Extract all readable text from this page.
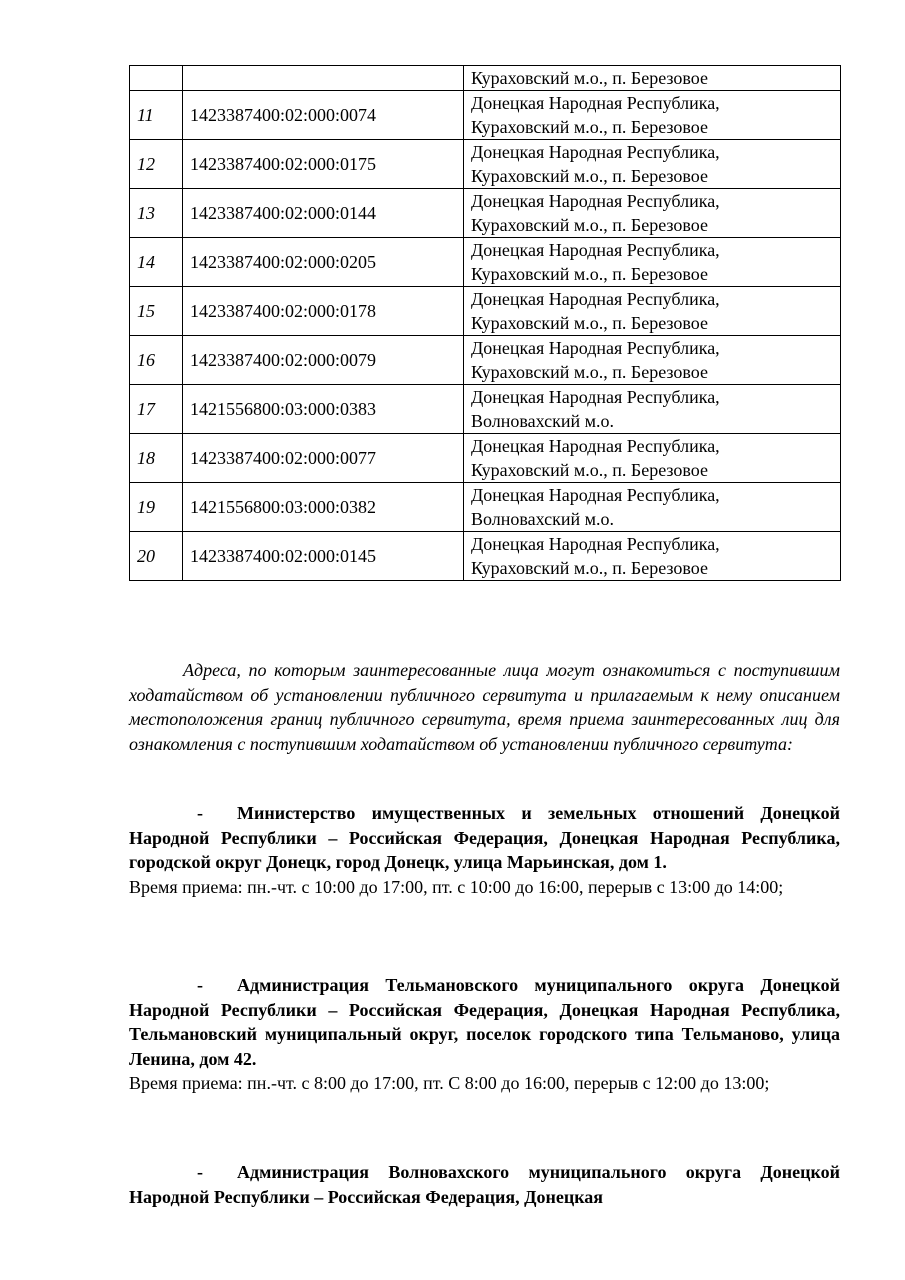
		Кураховский м.о., п. Березовое
11	1423387400:02:000:0074	Донецкая Народная Республика,
Кураховский м.о., п. Березовое

12	1423387400:02:000:0175	Донецкая Народная Республика,
Кураховский м.о., п. Березовое

13	1423387400:02:000:0144	Донецкая Народная Республика,
Кураховский м.о., п. Березовое

14	1423387400:02:000:0205	Донецкая Народная Республика,
Кураховский м.о., п. Березовое

15	1423387400:02:000:0178	Донецкая Народная Республика,
Кураховский м.о., п. Березовое

16	1423387400:02:000:0079	Донецкая Народная Республика,
Кураховский м.о., п. Березовое

17	1421556800:03:000:0383	Донецкая Народная Республика,
Волновахский м.о.

18	1423387400:02:000:0077	Донецкая Народная Республика,
Кураховский м.о., п. Березовое

19	1421556800:03:000:0382	Донецкая Народная Республика,
Волновахский м.о.

20	1423387400:02:000:0145	Донецкая Народная Республика,
Кураховский м.о., п. Березовое

Адреса, по которым заинтересованные лица могут ознакомиться с поступившим ходатайством об установлении публичного сервитута и прилагаемым к нему описанием местоположения границ публичного сервитута, время приема заинтересованных лиц для ознакомления с поступившим ходатайством об установлении публичного сервитута:

- Министерство имущественных и земельных отношений Донецкой Народной Республики – Российская Федерация, Донецкая Народная Республика, городской округ Донецк, город Донецк, улица Марьинская, дом 1.

Время приема: пн.-чт. с 10:00 до 17:00, пт. с 10:00 до 16:00, перерыв с 13:00 до 14:00;

- Администрация Тельмановского муниципального округа Донецкой Народной Республики – Российская Федерация, Донецкая Народная Республика, Тельмановский муниципальный округ, поселок городского типа Тельманово, улица Ленина, дом 42.

Время приема: пн.-чт. с 8:00 до 17:00, пт. С 8:00 до 16:00, перерыв с 12:00 до 13:00;

- Администрация Волновахского муниципального округа Донецкой Народной Республики – Российская Федерация, Донецкая
